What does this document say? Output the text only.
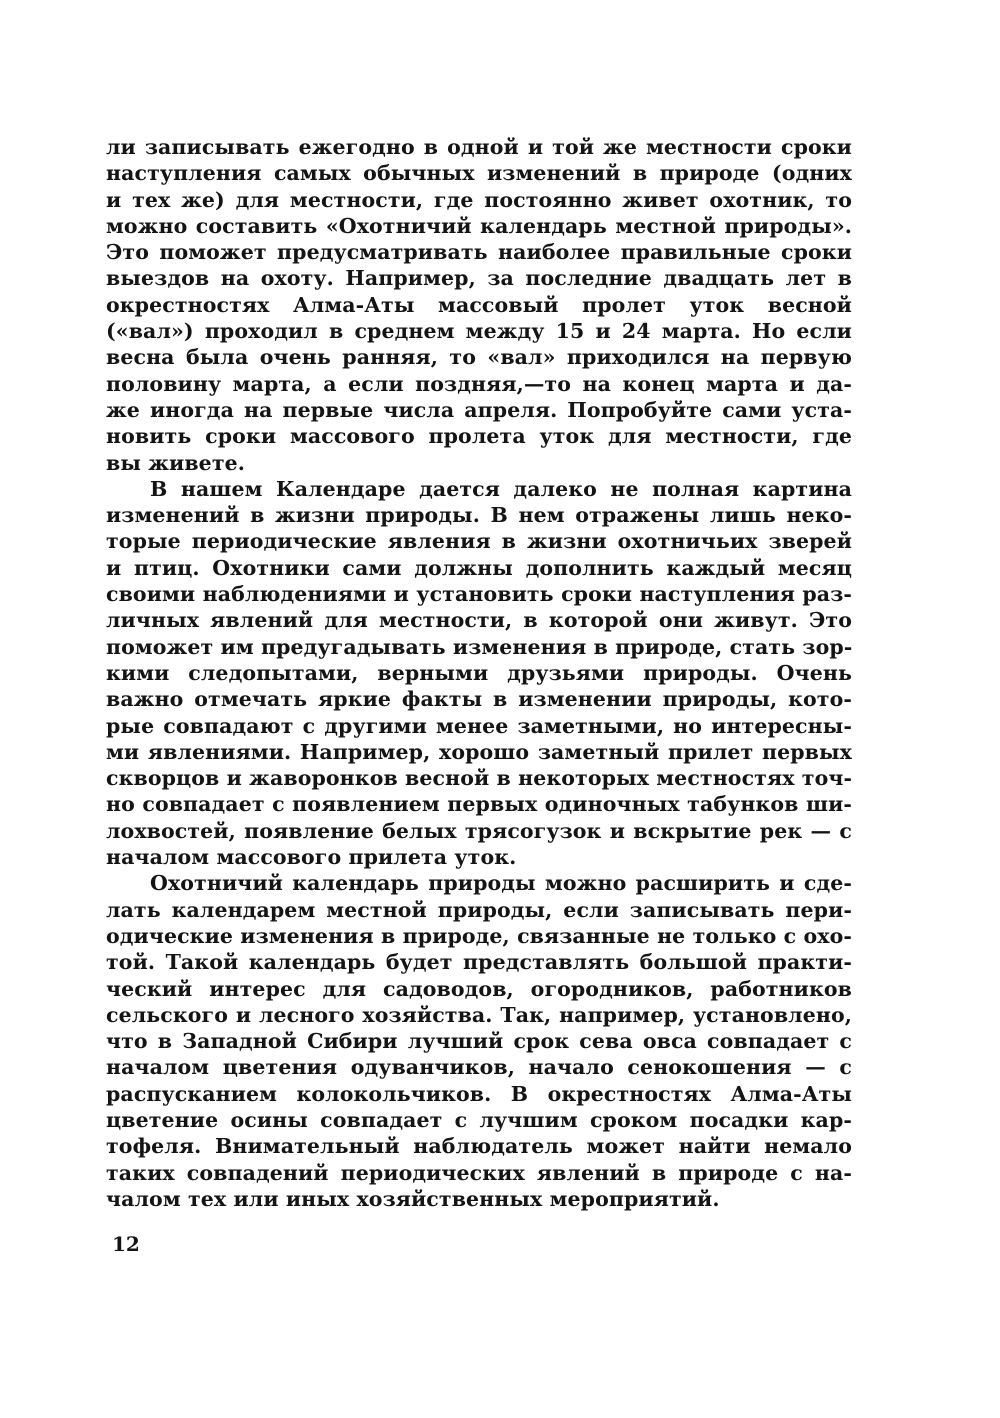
ли записывать ежегодно в одной и той же местности сроки
наступления самых обычных изменений в природе (одних
и тех же) для местности, где постоянно живет охотник, то
можно составить «Охотничий календарь местной природы».
Это поможет предусматривать наиболее правильные сроки
выездов на охоту. Например, за последние двадцать лет в
окрестностях Алма-Аты массовый пролет уток весной
(«вал») проходил в среднем между 15 и 24 марта. Но если
весна была очень ранняя, то «вал» приходился на первую
половину марта, а если поздняя,—то на конец марта и да-
же иногда на первые числа апреля. Попробуйте сами уста-
новить сроки массового пролета уток для местности, где
вы живете.
В нашем Календаре дается далеко не полная картина
изменений в жизни природы. В нем отражены лишь неко-
торые периодические явления в жизни охотничьих зверей
и птиц. Охотники сами должны дополнить каждый месяц
своими наблюдениями и установить сроки наступления раз-
личных явлений для местности, в которой они живут. Это
поможет им предугадывать изменения в природе, стать зор-
кими следопытами, верными друзьями природы. Очень
важно отмечать яркие факты в изменении природы, кото-
рые совпадают с другими менее заметными, но интересны-
ми явлениями. Например, хорошо заметный прилет первых
скворцов и жаворонков весной в некоторых местностях точ-
но совпадает с появлением первых одиночных табунков ши-
лохвостей, появление белых трясогузок и вскрытие рек — с
началом массового прилета уток.
Охотничий календарь природы можно расширить и сде-
лать календарем местной природы, если записывать пери-
одические изменения в природе, связанные не только с охо-
той. Такой календарь будет представлять большой практи-
ческий интерес для садоводов, огородников, работников
сельского и лесного хозяйства. Так, например, установлено,
что в Западной Сибири лучший срок сева овса совпадает с
началом цветения одуванчиков, начало сенокошения — с
распусканием колокольчиков. В окрестностях Алма-Аты
цветение осины совпадает с лучшим сроком посадки кар-
тофеля. Внимательный наблюдатель может найти немало
таких совпадений периодических явлений в природе с на-
чалом тех или иных хозяйственных мероприятий.
12
